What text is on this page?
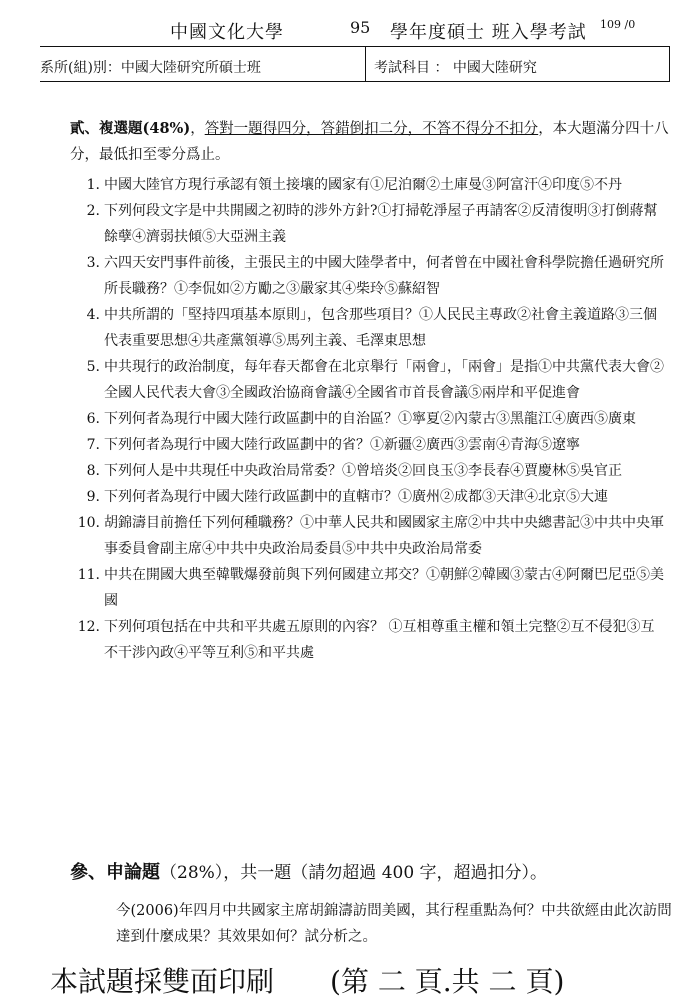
中國文化大學	95 學年度碩士 班入學考試 109 /0
系所(組)別：中國大陸研究所碩士班	考試科目 ： 中國大陸研究
貳、複選題(48%)，答對一題得四分，答錯倒扣二分，不答不得分不扣分，本大題滿分四十八分，最低扣至零分爲止。
1. 中國大陸官方現行承認有領土接壤的國家有①尼泊爾②土庫曼③阿富汗④印度⑤不丹
2. 下列何段文字是中共開國之初時的涉外方針?①打掃乾淨屋子再請客②反清復明③打倒蔣幫餘孽④濟弱扶傾⑤大亞洲主義
3. 六四天安門事件前後，主張民主的中國大陸學者中，何者曾在中國社會科學院擔任過研究所所長職務？①李侃如②方勵之③嚴家其④柴玲⑤蘇紹智
4. 中共所謂的「堅持四項基本原則」，包含那些項目？①人民民主專政②社會主義道路③三個代表重要思想④共產黨領導⑤馬列主義、毛澤東思想
5. 中共現行的政治制度，每年春天都會在北京舉行「兩會」，「兩會」是指①中共黨代表大會②全國人民代表大會③全國政治協商會議④全國省市首長會議⑤兩岸和平促進會
6. 下列何者為現行中國大陸行政區劃中的自治區？①寧夏②內蒙古③黑龍江④廣西⑤廣東
7. 下列何者為現行中國大陸行政區劃中的省？①新疆②廣西③雲南④青海⑤遼寧
8. 下列何人是中共現任中央政治局常委？①曾培炎②回良玉③李長春④賈慶林⑤吳官正
9. 下列何者為現行中國大陸行政區劃中的直轄市？①廣州②成都③天津④北京⑤大連
10. 胡錦濤目前擔任下列何種職務？①中華人民共和國國家主席②中共中央總書記③中共中央軍事委員會副主席④中共中央政治局委員⑤中共中央政治局常委
11. 中共在開國大典至韓戰爆發前與下列何國建立邦交？①朝鮮②韓國③蒙古④阿爾巴尼亞⑤美國
12. 下列何項包括在中共和平共處五原則的內容？ ①互相尊重主權和領土完整②互不侵犯③互不干涉內政④平等互利⑤和平共處
參、申論題（28%），共一題（請勿超過 400 字，超過扣分）。
今(2006)年四月中共國家主席胡錦濤訪問美國，其行程重點為何？中共欲經由此次訪問達到什麼成果？其效果如何？試分析之。
本試題採雙面印刷 (第 二 頁.共 二 頁)
